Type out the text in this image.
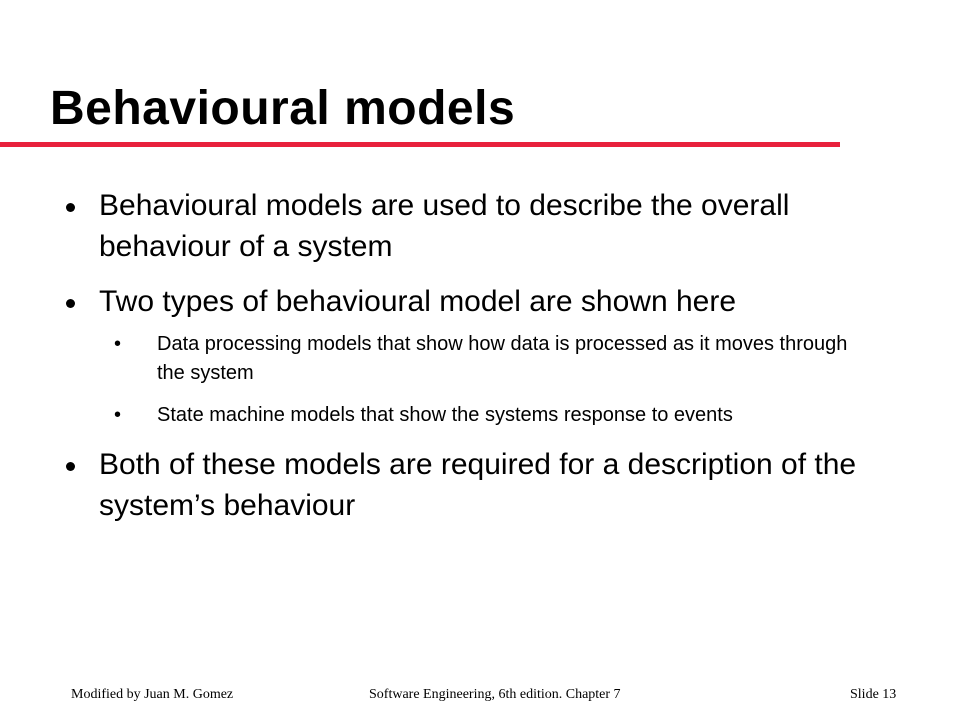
Behavioural models
Behavioural models are used to describe the overall behaviour of a system
Two types of behavioural model are shown here
• Data processing models that show how data is processed as it moves through the system
• State machine models that show the systems response to events
Both of these models are required for a description of the system’s behaviour
Modified by Juan M. Gomez	Software Engineering, 6th edition. Chapter 7	Slide 13
